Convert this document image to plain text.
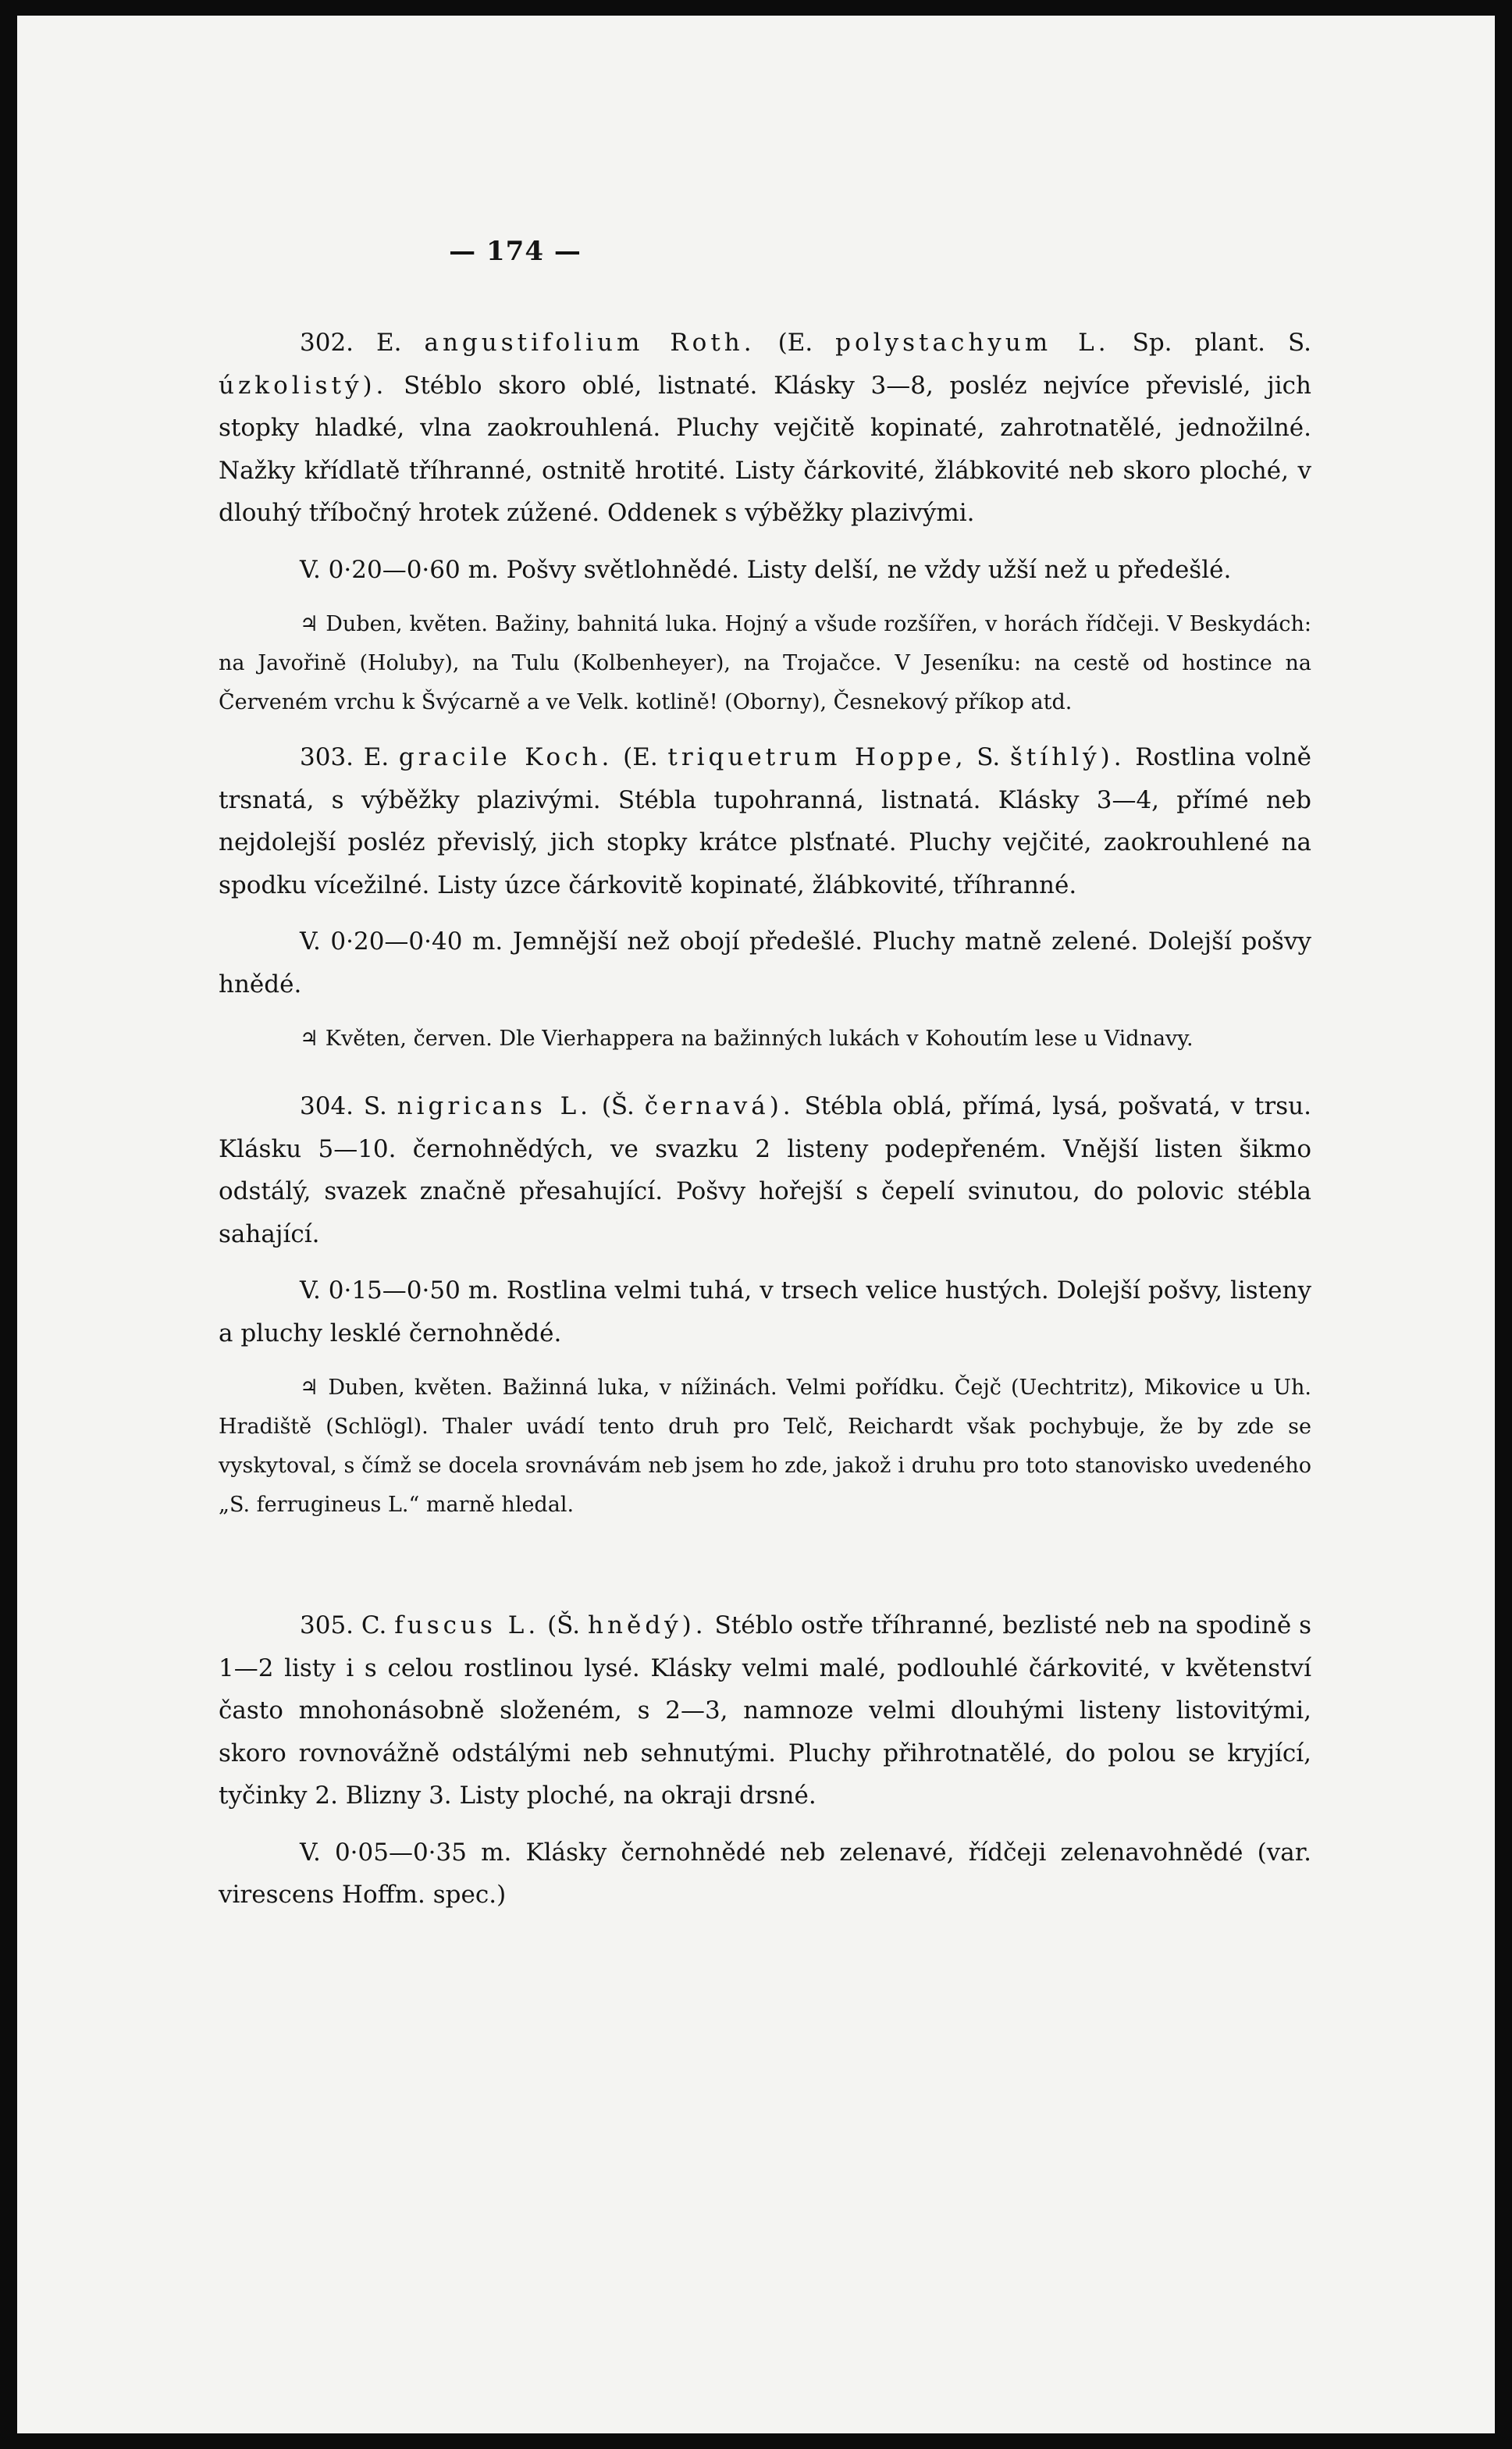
— 174 —

302. E. angustifolium Roth. (E. polystachyum L. Sp. plant. S. úzkolistý). Stéblo skoro oblé, listnaté. Klásky 3—8, posléz nejvíce převislé, jich stopky hladké, vlna zaokrouhlená. Pluchy vejčitě kopinaté, zahrotnatělé, jednožilné. Nažky křídlatě tříhranné, ostnitě hrotité. Listy čárkovité, žlábkovité neb skoro ploché, v dlouhý tříbočný hrotek zúžené. Oddenek s výběžky plazivými.

V. 0·20—0·60 m. Pošvy světlohnědé. Listy delší, ne vždy užší než u předešlé.

♃ Duben, květen. Bažiny, bahnitá luka. Hojný a všude rozšířen, v horách řídčeji. V Beskydách: na Javořině (Holuby), na Tulu (Kolbenheyer), na Trojačce. V Jeseníku: na cestě od hostince na Červeném vrchu k Švýcarně a ve Velk. kotlině! (Oborny), Česnekový příkop atd.

303. E. gracile Koch. (E. triquetrum Hoppe, S. štíhlý). Rostlina volně trsnatá, s výběžky plazivými. Stébla tupohranná, listnatá. Klásky 3—4, přímé neb nejdolejší posléz převislý, jich stopky krátce plsťnaté. Pluchy vejčité, zaokrouhlené na spodku vícežilné. Listy úzce čárkovitě kopinaté, žlábkovité, tříhranné.

V. 0·20—0·40 m. Jemnější než obojí předešlé. Pluchy matně zelené. Dolejší pošvy hnědé.

♃ Květen, červen. Dle Vierhappera na bažinných lukách v Kohoutím lese u Vidnavy.

304. S. nigricans L. (Š. černavá). Stébla oblá, přímá, lysá, pošvatá, v trsu. Klásku 5—10. černohnědých, ve svazku 2 listeny podepřeném. Vnější listen šikmo odstálý, svazek značně přesahující. Pošvy hořejší s čepelí svinutou, do polovic stébla sahající.

V. 0·15—0·50 m. Rostlina velmi tuhá, v trsech velice hustých. Dolejší pošvy, listeny a pluchy lesklé černohnědé.

♃ Duben, květen. Bažinná luka, v nížinách. Velmi pořídku. Čejč (Uechtritz), Mikovice u Uh. Hradiště (Schlögl). Thaler uvádí tento druh pro Telč, Reichardt však pochybuje, že by zde se vyskytoval, s čímž se docela srovnávám neb jsem ho zde, jakož i druhu pro toto stanovisko uvedeného „S. ferrugineus L.“ marně hledal.

305. C. fuscus L. (Š. hnědý). Stéblo ostře tříhranné, bezlisté neb na spodině s 1—2 listy i s celou rostlinou lysé. Klásky velmi malé, podlouhlé čárkovité, v květenství často mnohonásobně složeném, s 2—3, namnoze velmi dlouhými listeny listovitými, skoro rovnovážně odstálými neb sehnutými. Pluchy přihrotnatělé, do polou se kryjící, tyčinky 2. Blizny 3. Listy ploché, na okraji drsné.

V. 0·05—0·35 m. Klásky černohnědé neb zelenavé, řídčeji zelenavohnědé (var. virescens Hoffm. spec.)
